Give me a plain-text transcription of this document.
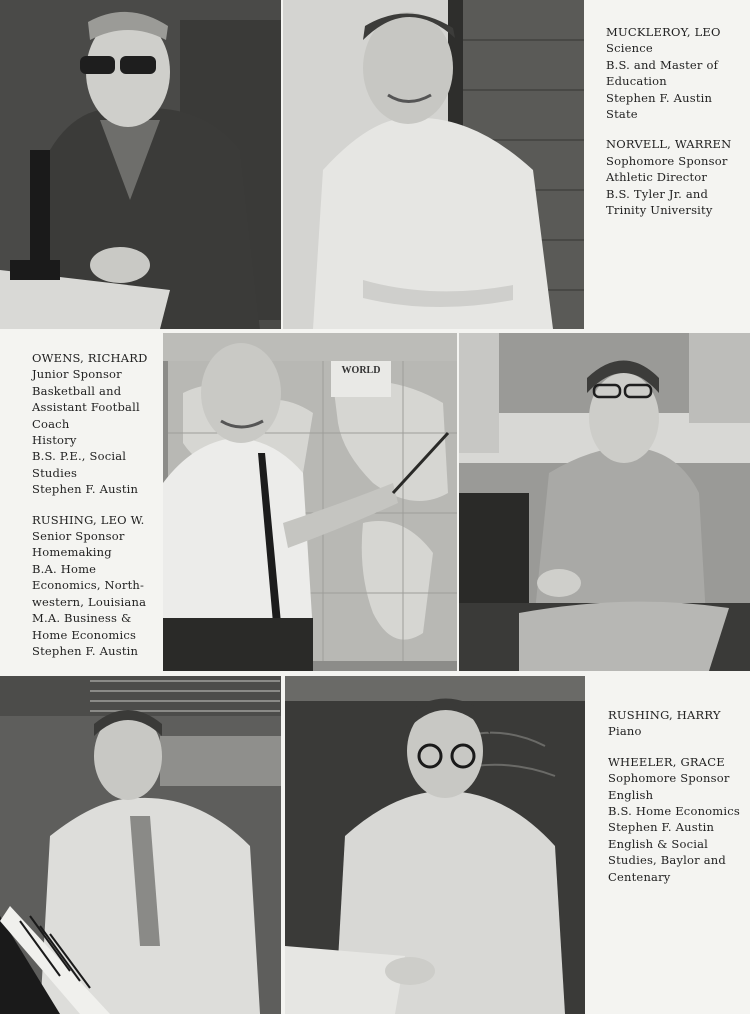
MUCKLEROY, LEO
Science
B.S. and Master of
Education
Stephen F. Austin
State
NORVELL, WARREN
Sophomore Sponsor
Athletic Director
B.S. Tyler Jr. and
Trinity University
OWENS, RICHARD
Junior Sponsor
Basketball and
Assistant Football
Coach
History
B.S. P.E., Social
Studies
Stephen F. Austin
RUSHING, LEO W.
Senior Sponsor
Homemaking
B.A. Home
Economics, North-
western, Louisiana
M.A. Business &
Home Economics
Stephen F. Austin
WORLD
RUSHING, HARRY
Piano
WHEELER, GRACE
Sophomore Sponsor
English
B.S. Home Economics
Stephen F. Austin
English & Social
Studies, Baylor and
Centenary
